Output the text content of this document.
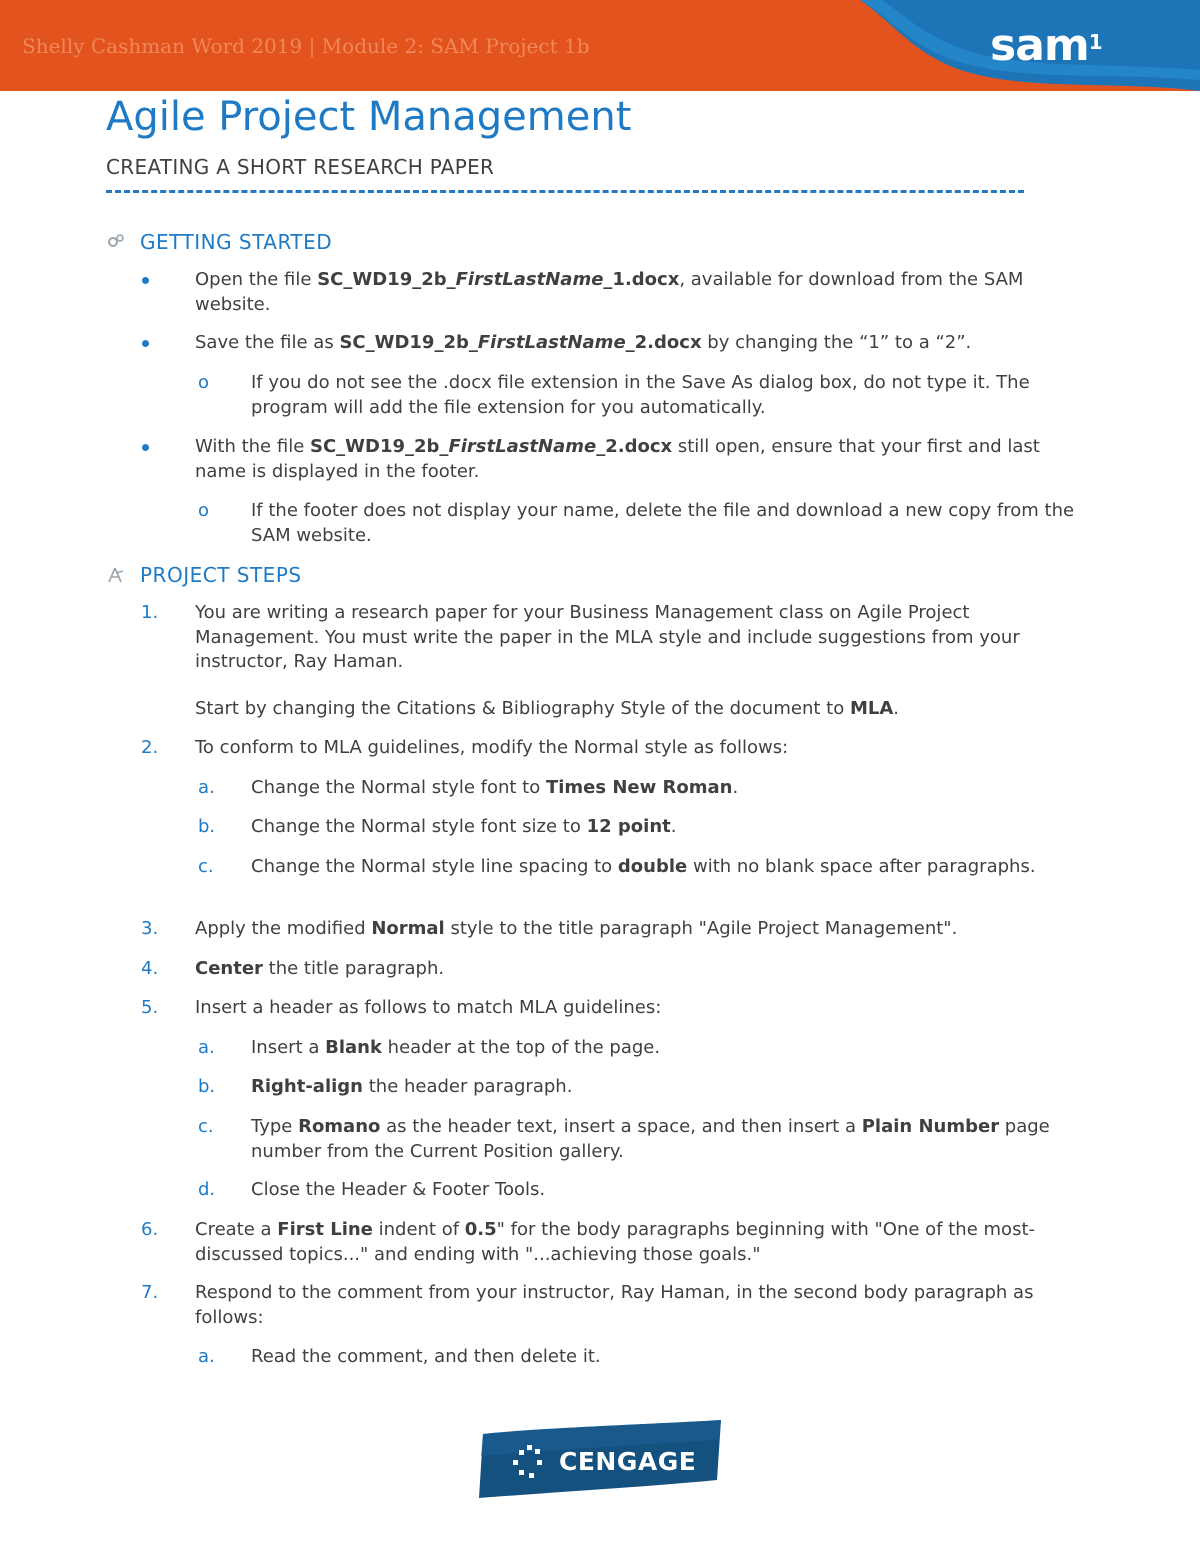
Shelly Cashman Word 2019 | Module 2: SAM Project 1b	sam$^1$
Agile Project Management
CREATING A SHORT RESEARCH PAPER
GETTING STARTED
Open the file SC_WD19_2b_FirstLastName_1.docx, available for download from the SAM website.
Save the file as SC_WD19_2b_FirstLastName_2.docx by changing the “1” to a “2”.
o If you do not see the .docx file extension in the Save As dialog box, do not type it. The program will add the file extension for you automatically.
With the file SC_WD19_2b_FirstLastName_2.docx still open, ensure that your first and last name is displayed in the footer.
o If the footer does not display your name, delete the file and download a new copy from the SAM website.
PROJECT STEPS
1. You are writing a research paper for your Business Management class on Agile Project Management. You must write the paper in the MLA style and include suggestions from your instructor, Ray Haman.
Start by changing the Citations & Bibliography Style of the document to MLA.
2. To conform to MLA guidelines, modify the Normal style as follows:
a. Change the Normal style font to Times New Roman.
b. Change the Normal style font size to 12 point.
c. Change the Normal style line spacing to double with no blank space after paragraphs.
3. Apply the modified Normal style to the title paragraph "Agile Project Management".
4. Center the title paragraph.
5. Insert a header as follows to match MLA guidelines:
a. Insert a Blank header at the top of the page.
b. Right-align the header paragraph.
c. Type Romano as the header text, insert a space, and then insert a Plain Number page number from the Current Position gallery.
d. Close the Header & Footer Tools.
6. Create a First Line indent of 0.5" for the body paragraphs beginning with "One of the most-discussed topics..." and ending with "...achieving those goals."
7. Respond to the comment from your instructor, Ray Haman, in the second body paragraph as follows:
a. Read the comment, and then delete it.
CENGAGE
